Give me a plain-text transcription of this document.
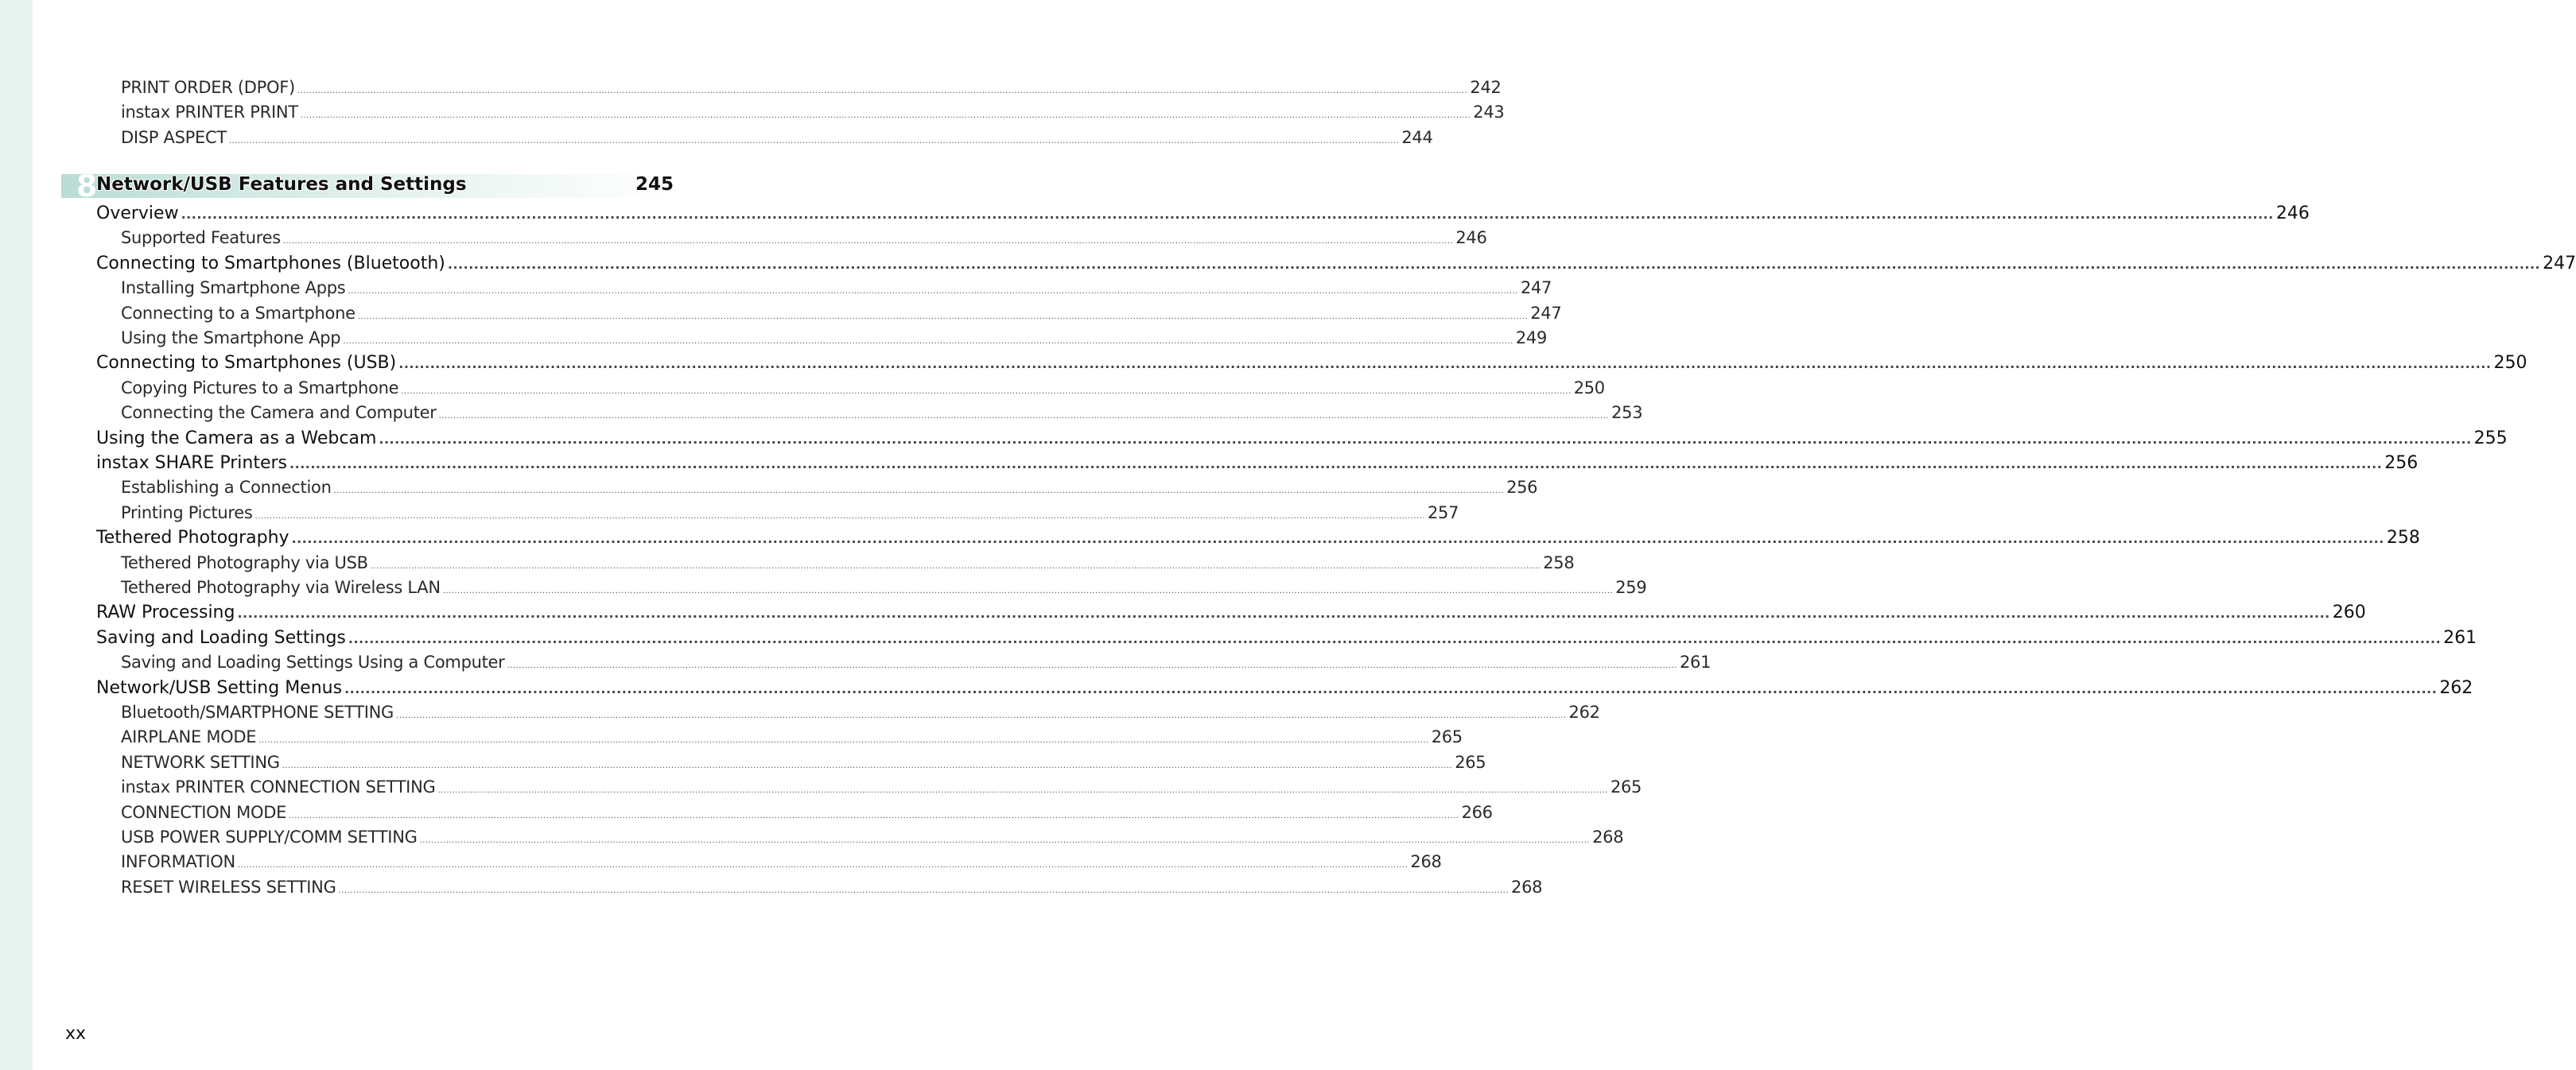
PRINT ORDER (DPOF) ................................................................................................................................................................................................................................................................................................................................................................................................................ 242
instax PRINTER PRINT ................................................................................................................................................................................................................................................................................................................................................................................................................ 243
DISP ASPECT ................................................................................................................................................................................................................................................................................................................................................................................................................ 244
Overview ................................................................................................................................................................................................................................................................................................................................................................................................................ 246
Supported Features ................................................................................................................................................................................................................................................................................................................................................................................................................ 246
Connecting to Smartphones (Bluetooth) ................................................................................................................................................................................................................................................................................................................................................................................................................ 247
Installing Smartphone Apps ................................................................................................................................................................................................................................................................................................................................................................................................................ 247
Connecting to a Smartphone ................................................................................................................................................................................................................................................................................................................................................................................................................ 247
Using the Smartphone App ................................................................................................................................................................................................................................................................................................................................................................................................................ 249
Connecting to Smartphones (USB) ................................................................................................................................................................................................................................................................................................................................................................................................................ 250
Copying Pictures to a Smartphone ................................................................................................................................................................................................................................................................................................................................................................................................................ 250
Connecting the Camera and Computer ................................................................................................................................................................................................................................................................................................................................................................................................................ 253
Using the Camera as a Webcam ................................................................................................................................................................................................................................................................................................................................................................................................................ 255
instax SHARE Printers ................................................................................................................................................................................................................................................................................................................................................................................................................ 256
Establishing a Connection ................................................................................................................................................................................................................................................................................................................................................................................................................ 256
Printing Pictures ................................................................................................................................................................................................................................................................................................................................................................................................................ 257
Tethered Photography ................................................................................................................................................................................................................................................................................................................................................................................................................ 258
Tethered Photography via USB ................................................................................................................................................................................................................................................................................................................................................................................................................ 258
Tethered Photography via Wireless LAN ................................................................................................................................................................................................................................................................................................................................................................................................................ 259
RAW Processing ................................................................................................................................................................................................................................................................................................................................................................................................................ 260
Saving and Loading Settings ................................................................................................................................................................................................................................................................................................................................................................................................................ 261
Saving and Loading Settings Using a Computer ................................................................................................................................................................................................................................................................................................................................................................................................................ 261
Network/USB Setting Menus ................................................................................................................................................................................................................................................................................................................................................................................................................ 262
Bluetooth/SMARTPHONE SETTING ................................................................................................................................................................................................................................................................................................................................................................................................................ 262
AIRPLANE MODE ................................................................................................................................................................................................................................................................................................................................................................................................................ 265
NETWORK SETTING ................................................................................................................................................................................................................................................................................................................................................................................................................ 265
instax PRINTER CONNECTION SETTING ................................................................................................................................................................................................................................................................................................................................................................................................................ 265
CONNECTION MODE ................................................................................................................................................................................................................................................................................................................................................................................................................ 266
USB POWER SUPPLY/COMM SETTING ................................................................................................................................................................................................................................................................................................................................................................................................................ 268
INFORMATION ................................................................................................................................................................................................................................................................................................................................................................................................................ 268
RESET WIRELESS SETTING ................................................................................................................................................................................................................................................................................................................................................................................................................ 268
8
Network/USB Features and Settings	245
xx
